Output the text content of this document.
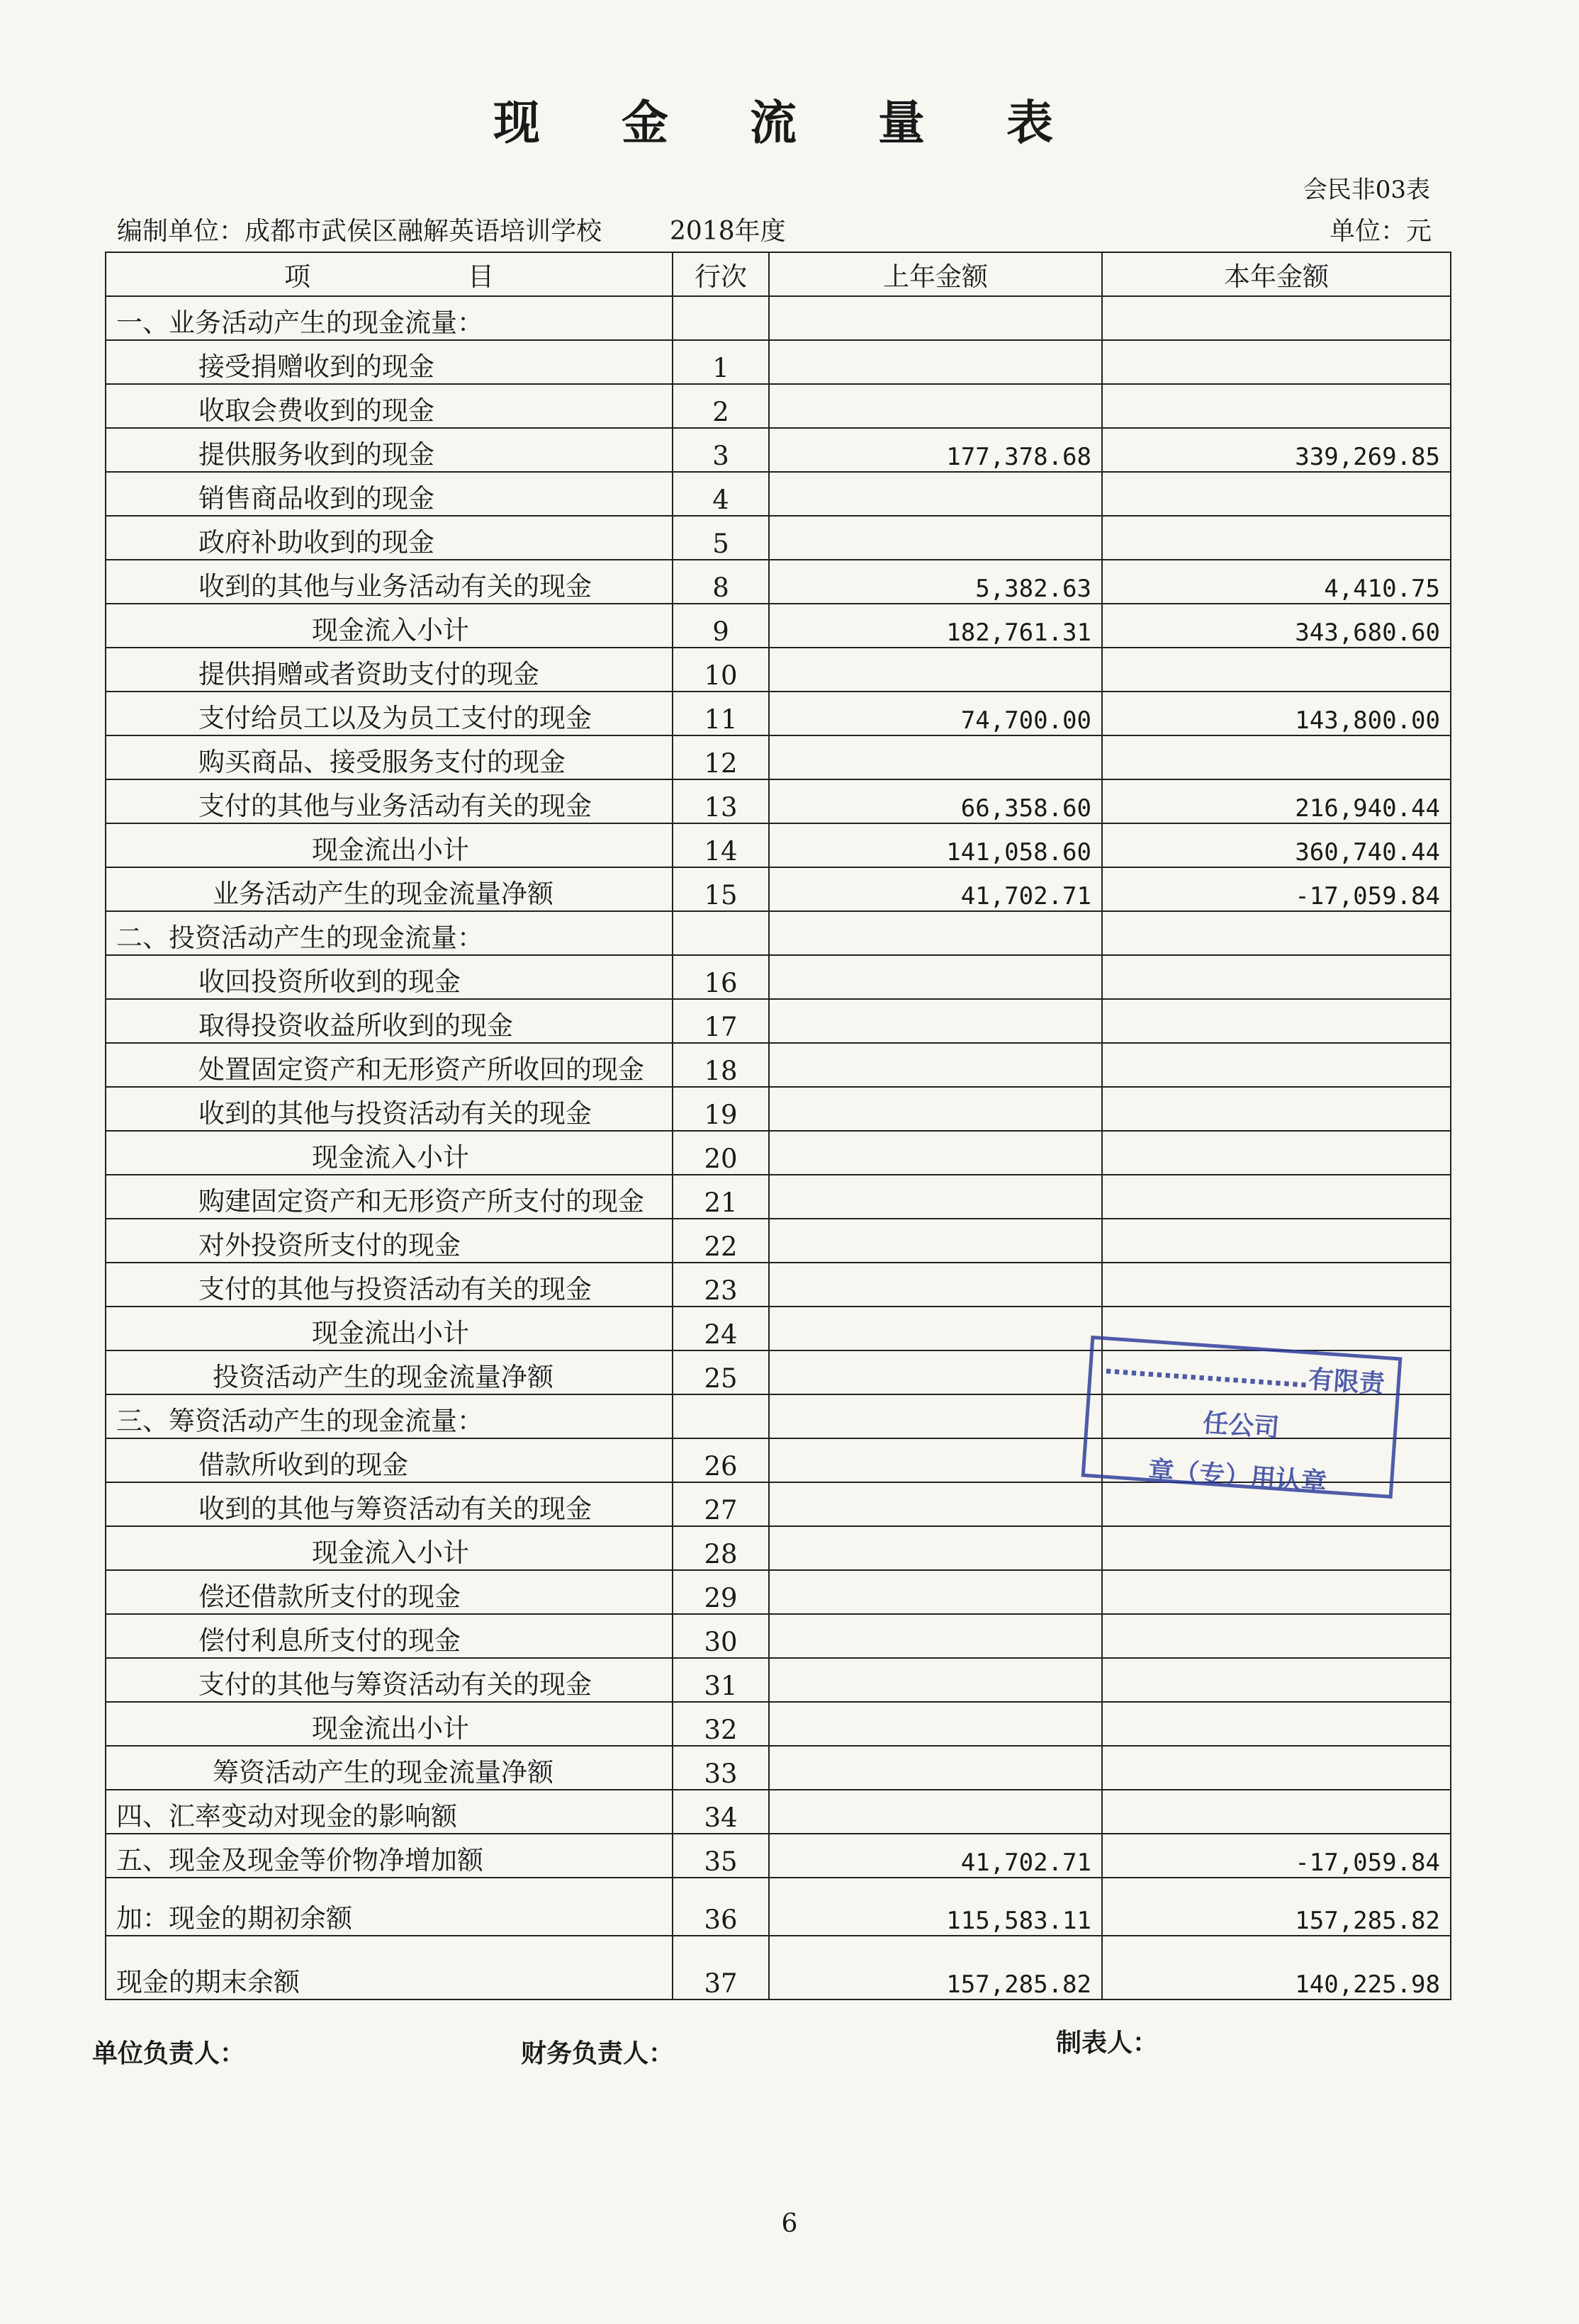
现 金 流 量 表
会民非03表
编制单位：成都市武侯区融解英语培训学校	2018年度	单位：元
项　　　　　　目	行次	上年金额	本年金额
一、业务活动产生的现金流量：			
接受捐赠收到的现金	1		
收取会费收到的现金	2		
提供服务收到的现金	3	177,378.68	339,269.85
销售商品收到的现金	4		
政府补助收到的现金	5		
收到的其他与业务活动有关的现金	8	5,382.63	4,410.75
现金流入小计	9	182,761.31	343,680.60
提供捐赠或者资助支付的现金	10		
支付给员工以及为员工支付的现金	11	74,700.00	143,800.00
购买商品、接受服务支付的现金	12		
支付的其他与业务活动有关的现金	13	66,358.60	216,940.44
现金流出小计	14	141,058.60	360,740.44
业务活动产生的现金流量净额	15	41,702.71	-17,059.84
二、投资活动产生的现金流量：			
收回投资所收到的现金	16		
取得投资收益所收到的现金	17		
处置固定资产和无形资产所收回的现金	18		
收到的其他与投资活动有关的现金	19		
现金流入小计	20		
购建固定资产和无形资产所支付的现金	21		
对外投资所支付的现金	22		
支付的其他与投资活动有关的现金	23		
现金流出小计	24		
投资活动产生的现金流量净额	25		
三、筹资活动产生的现金流量：			
借款所收到的现金	26		
收到的其他与筹资活动有关的现金	27		
现金流入小计	28		
偿还借款所支付的现金	29		
偿付利息所支付的现金	30		
支付的其他与筹资活动有关的现金	31		
现金流出小计	32		
筹资活动产生的现金流量净额	33		
四、汇率变动对现金的影响额	34		
五、现金及现金等价物净增加额	35	41,702.71	-17,059.84
加：现金的期初余额	36	115,583.11	157,285.82
现金的期末余额	37	157,285.82	140,225.98
……………………有限责任公司
章（专）用认章
单位负责人：	财务负责人：	制表人：
6
